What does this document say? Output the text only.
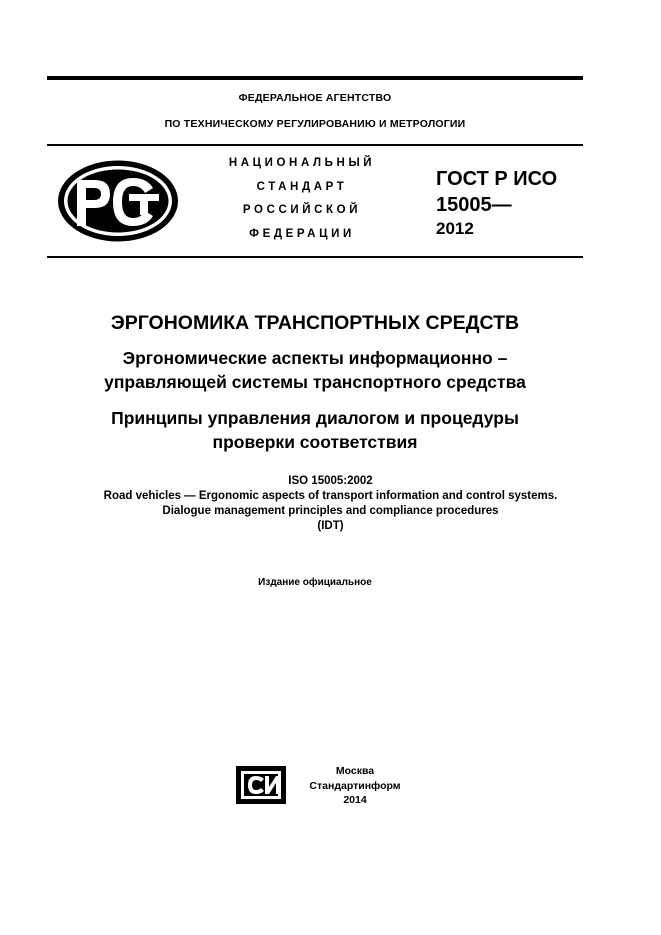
ФЕДЕРАЛЬНОЕ АГЕНТСТВО
ПО ТЕХНИЧЕСКОМУ РЕГУЛИРОВАНИЮ И МЕТРОЛОГИИ
НАЦИОНАЛЬНЫЙ
СТАНДАРТ
РОССИЙСКОЙ
ФЕДЕРАЦИИ
ГОСТ Р ИСО
15005—
2012
ЭРГОНОМИКА ТРАНСПОРТНЫХ СРЕДСТВ
Эргономические аспекты информационно –
управляющей системы транспортного средства
Принципы управления диалогом и процедуры
проверки соответствия
ISO 15005:2002
Road vehicles — Ergonomic aspects of transport information and control systems.
Dialogue management principles and compliance procedures
(IDT)
Издание официальное
Москва
Стандартинформ
2014
